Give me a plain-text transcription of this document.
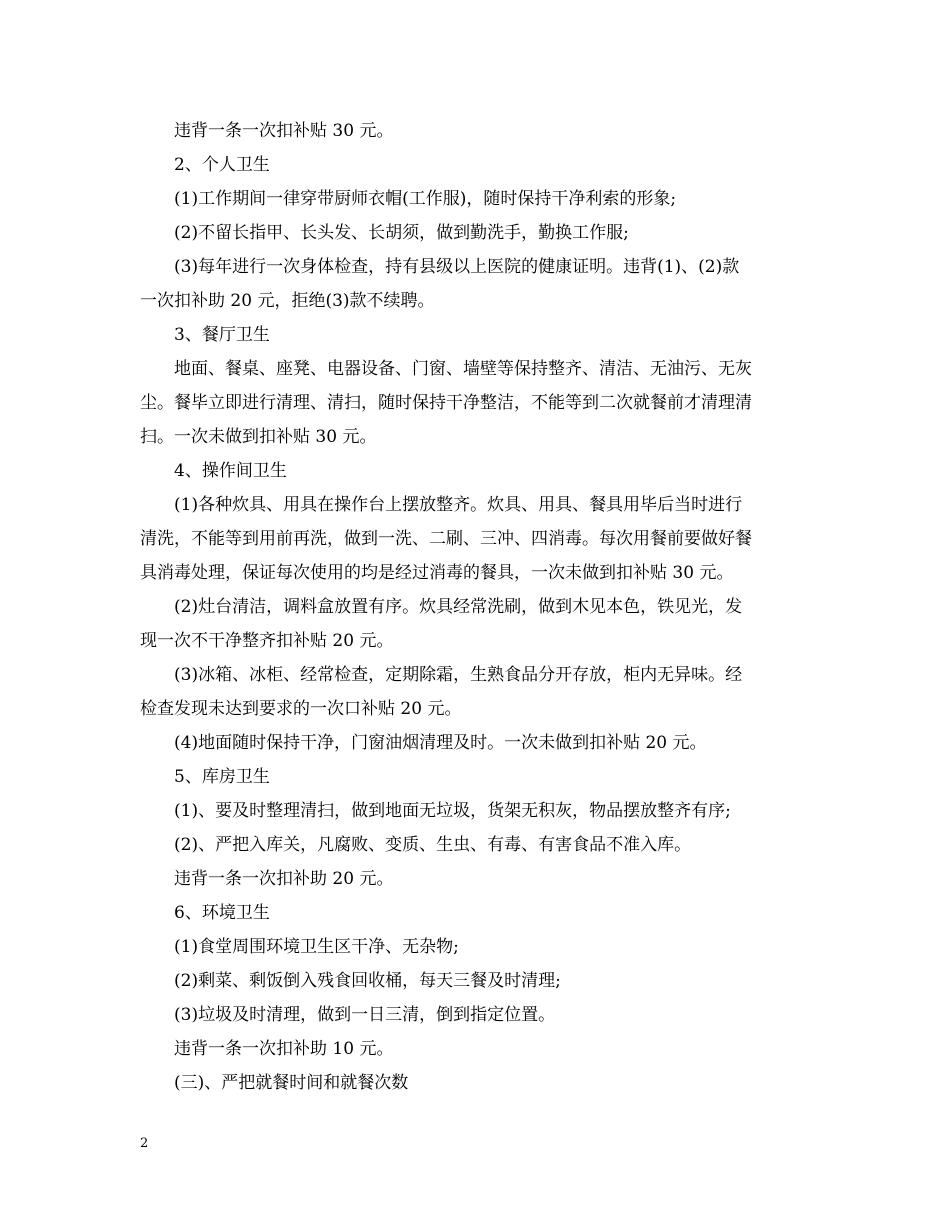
违背一条一次扣补贴 30 元。
2、个人卫生
(1)工作期间一律穿带厨师衣帽(工作服)，随时保持干净利索的形象;
(2)不留长指甲、长头发、长胡须，做到勤洗手，勤换工作服;
(3)每年进行一次身体检查，持有县级以上医院的健康证明。违背(1)、(2)款
一次扣补助 20 元，拒绝(3)款不续聘。
3、餐厅卫生
地面、餐桌、座凳、电器设备、门窗、墙壁等保持整齐、清洁、无油污、无灰
尘。餐毕立即进行清理、清扫，随时保持干净整洁，不能等到二次就餐前才清理清
扫。一次未做到扣补贴 30 元。
4、操作间卫生
(1)各种炊具、用具在操作台上摆放整齐。炊具、用具、餐具用毕后当时进行
清洗，不能等到用前再洗，做到一洗、二刷、三冲、四消毒。每次用餐前要做好餐
具消毒处理，保证每次使用的均是经过消毒的餐具，一次未做到扣补贴 30 元。
(2)灶台清洁，调料盒放置有序。炊具经常洗刷，做到木见本色，铁见光，发
现一次不干净整齐扣补贴 20 元。
(3)冰箱、冰柜、经常检查，定期除霜，生熟食品分开存放，柜内无异味。经
检查发现未达到要求的一次口补贴 20 元。
(4)地面随时保持干净，门窗油烟清理及时。一次未做到扣补贴 20 元。
5、库房卫生
(1)、要及时整理清扫，做到地面无垃圾，货架无积灰，物品摆放整齐有序;
(2)、严把入库关，凡腐败、变质、生虫、有毒、有害食品不准入库。
违背一条一次扣补助 20 元。
6、环境卫生
(1)食堂周围环境卫生区干净、无杂物;
(2)剩菜、剩饭倒入残食回收桶，每天三餐及时清理;
(3)垃圾及时清理，做到一日三清，倒到指定位置。
违背一条一次扣补助 10 元。
(三)、严把就餐时间和就餐次数
2
